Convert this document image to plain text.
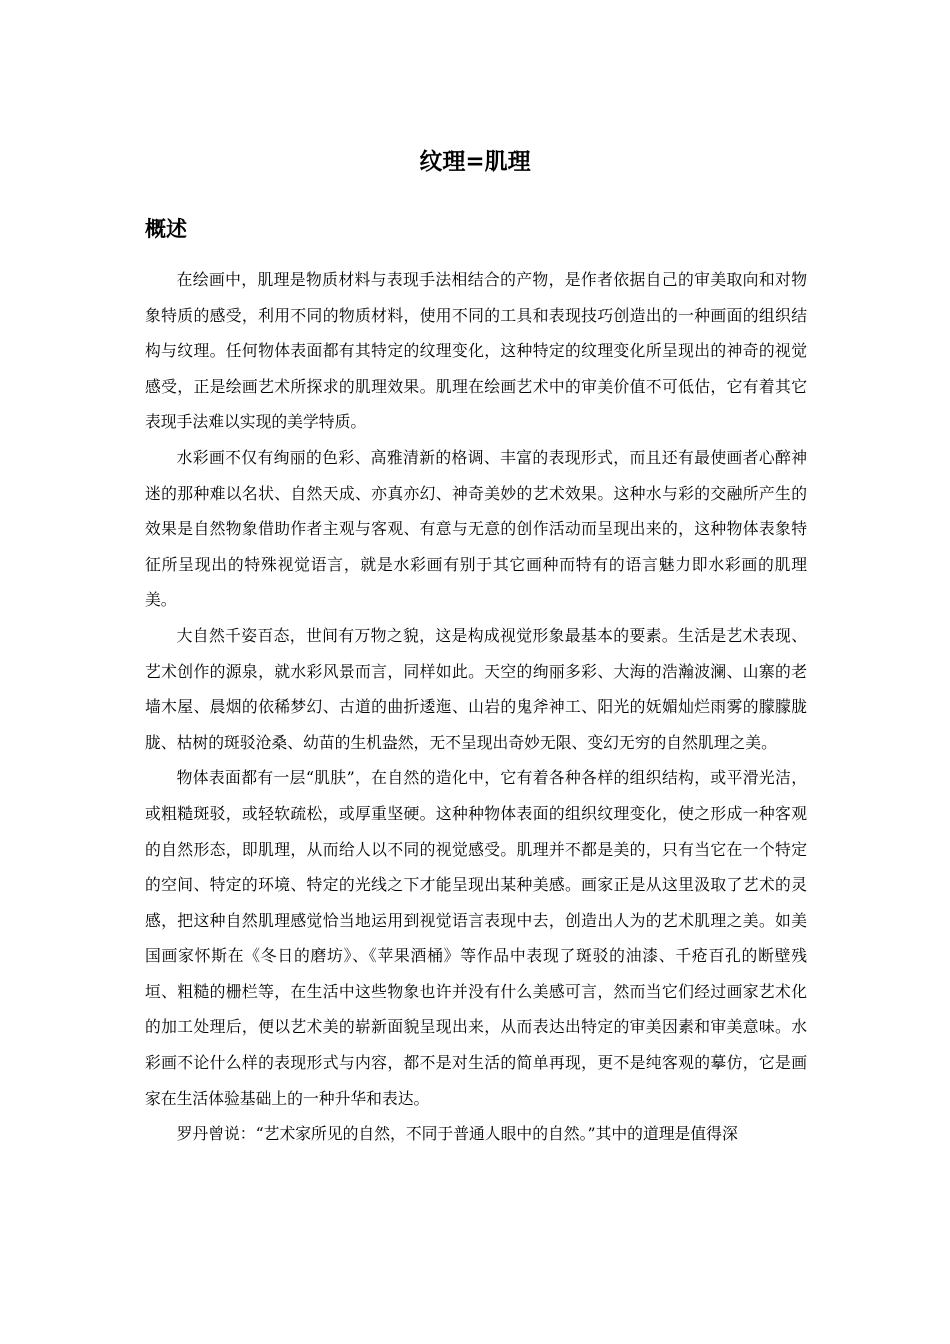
纹理=肌理
概述

在绘画中，肌理是物质材料与表现手法相结合的产物，是作者依据自己的审美取向和对物象特质的感受，利用不同的物质材料，使用不同的工具和表现技巧创造出的一种画面的组织结构与纹理。任何物体表面都有其特定的纹理变化，这种特定的纹理变化所呈现出的神奇的视觉感受，正是绘画艺术所探求的肌理效果。肌理在绘画艺术中的审美价值不可低估，它有着其它表现手法难以实现的美学特质。

水彩画不仅有绚丽的色彩、高雅清新的格调、丰富的表现形式，而且还有最使画者心醉神迷的那种难以名状、自然天成、亦真亦幻、神奇美妙的艺术效果。这种水与彩的交融所产生的效果是自然物象借助作者主观与客观、有意与无意的创作活动而呈现出来的，这种物体表象特征所呈现出的特殊视觉语言，就是水彩画有别于其它画种而特有的语言魅力即水彩画的肌理美。

大自然千姿百态，世间有万物之貌，这是构成视觉形象最基本的要素。生活是艺术表现、艺术创作的源泉，就水彩风景而言，同样如此。天空的绚丽多彩、大海的浩瀚波澜、山寨的老墙木屋、晨烟的依稀梦幻、古道的曲折逶迤、山岩的鬼斧神工、阳光的妩媚灿烂雨雾的朦朦胧胧、枯树的斑驳沧桑、幼苗的生机盎然，无不呈现出奇妙无限、变幻无穷的自然肌理之美。

物体表面都有一层“肌肤”，在自然的造化中，它有着各种各样的组织结构，或平滑光洁，或粗糙斑驳，或轻软疏松，或厚重坚硬。这种种物体表面的组织纹理变化，使之形成一种客观的自然形态，即肌理，从而给人以不同的视觉感受。肌理并不都是美的，只有当它在一个特定的空间、特定的环境、特定的光线之下才能呈现出某种美感。画家正是从这里汲取了艺术的灵感，把这种自然肌理感觉恰当地运用到视觉语言表现中去，创造出人为的艺术肌理之美。如美国画家怀斯在《冬日的磨坊》、《苹果酒桶》等作品中表现了斑驳的油漆、千疮百孔的断壁残垣、粗糙的栅栏等，在生活中这些物象也许并没有什么美感可言，然而当它们经过画家艺术化的加工处理后，便以艺术美的崭新面貌呈现出来，从而表达出特定的审美因素和审美意味。水彩画不论什么样的表现形式与内容，都不是对生活的简单再现，更不是纯客观的摹仿，它是画家在生活体验基础上的一种升华和表达。

罗丹曾说：“艺术家所见的自然，不同于普通人眼中的自然。”其中的道理是值得深
